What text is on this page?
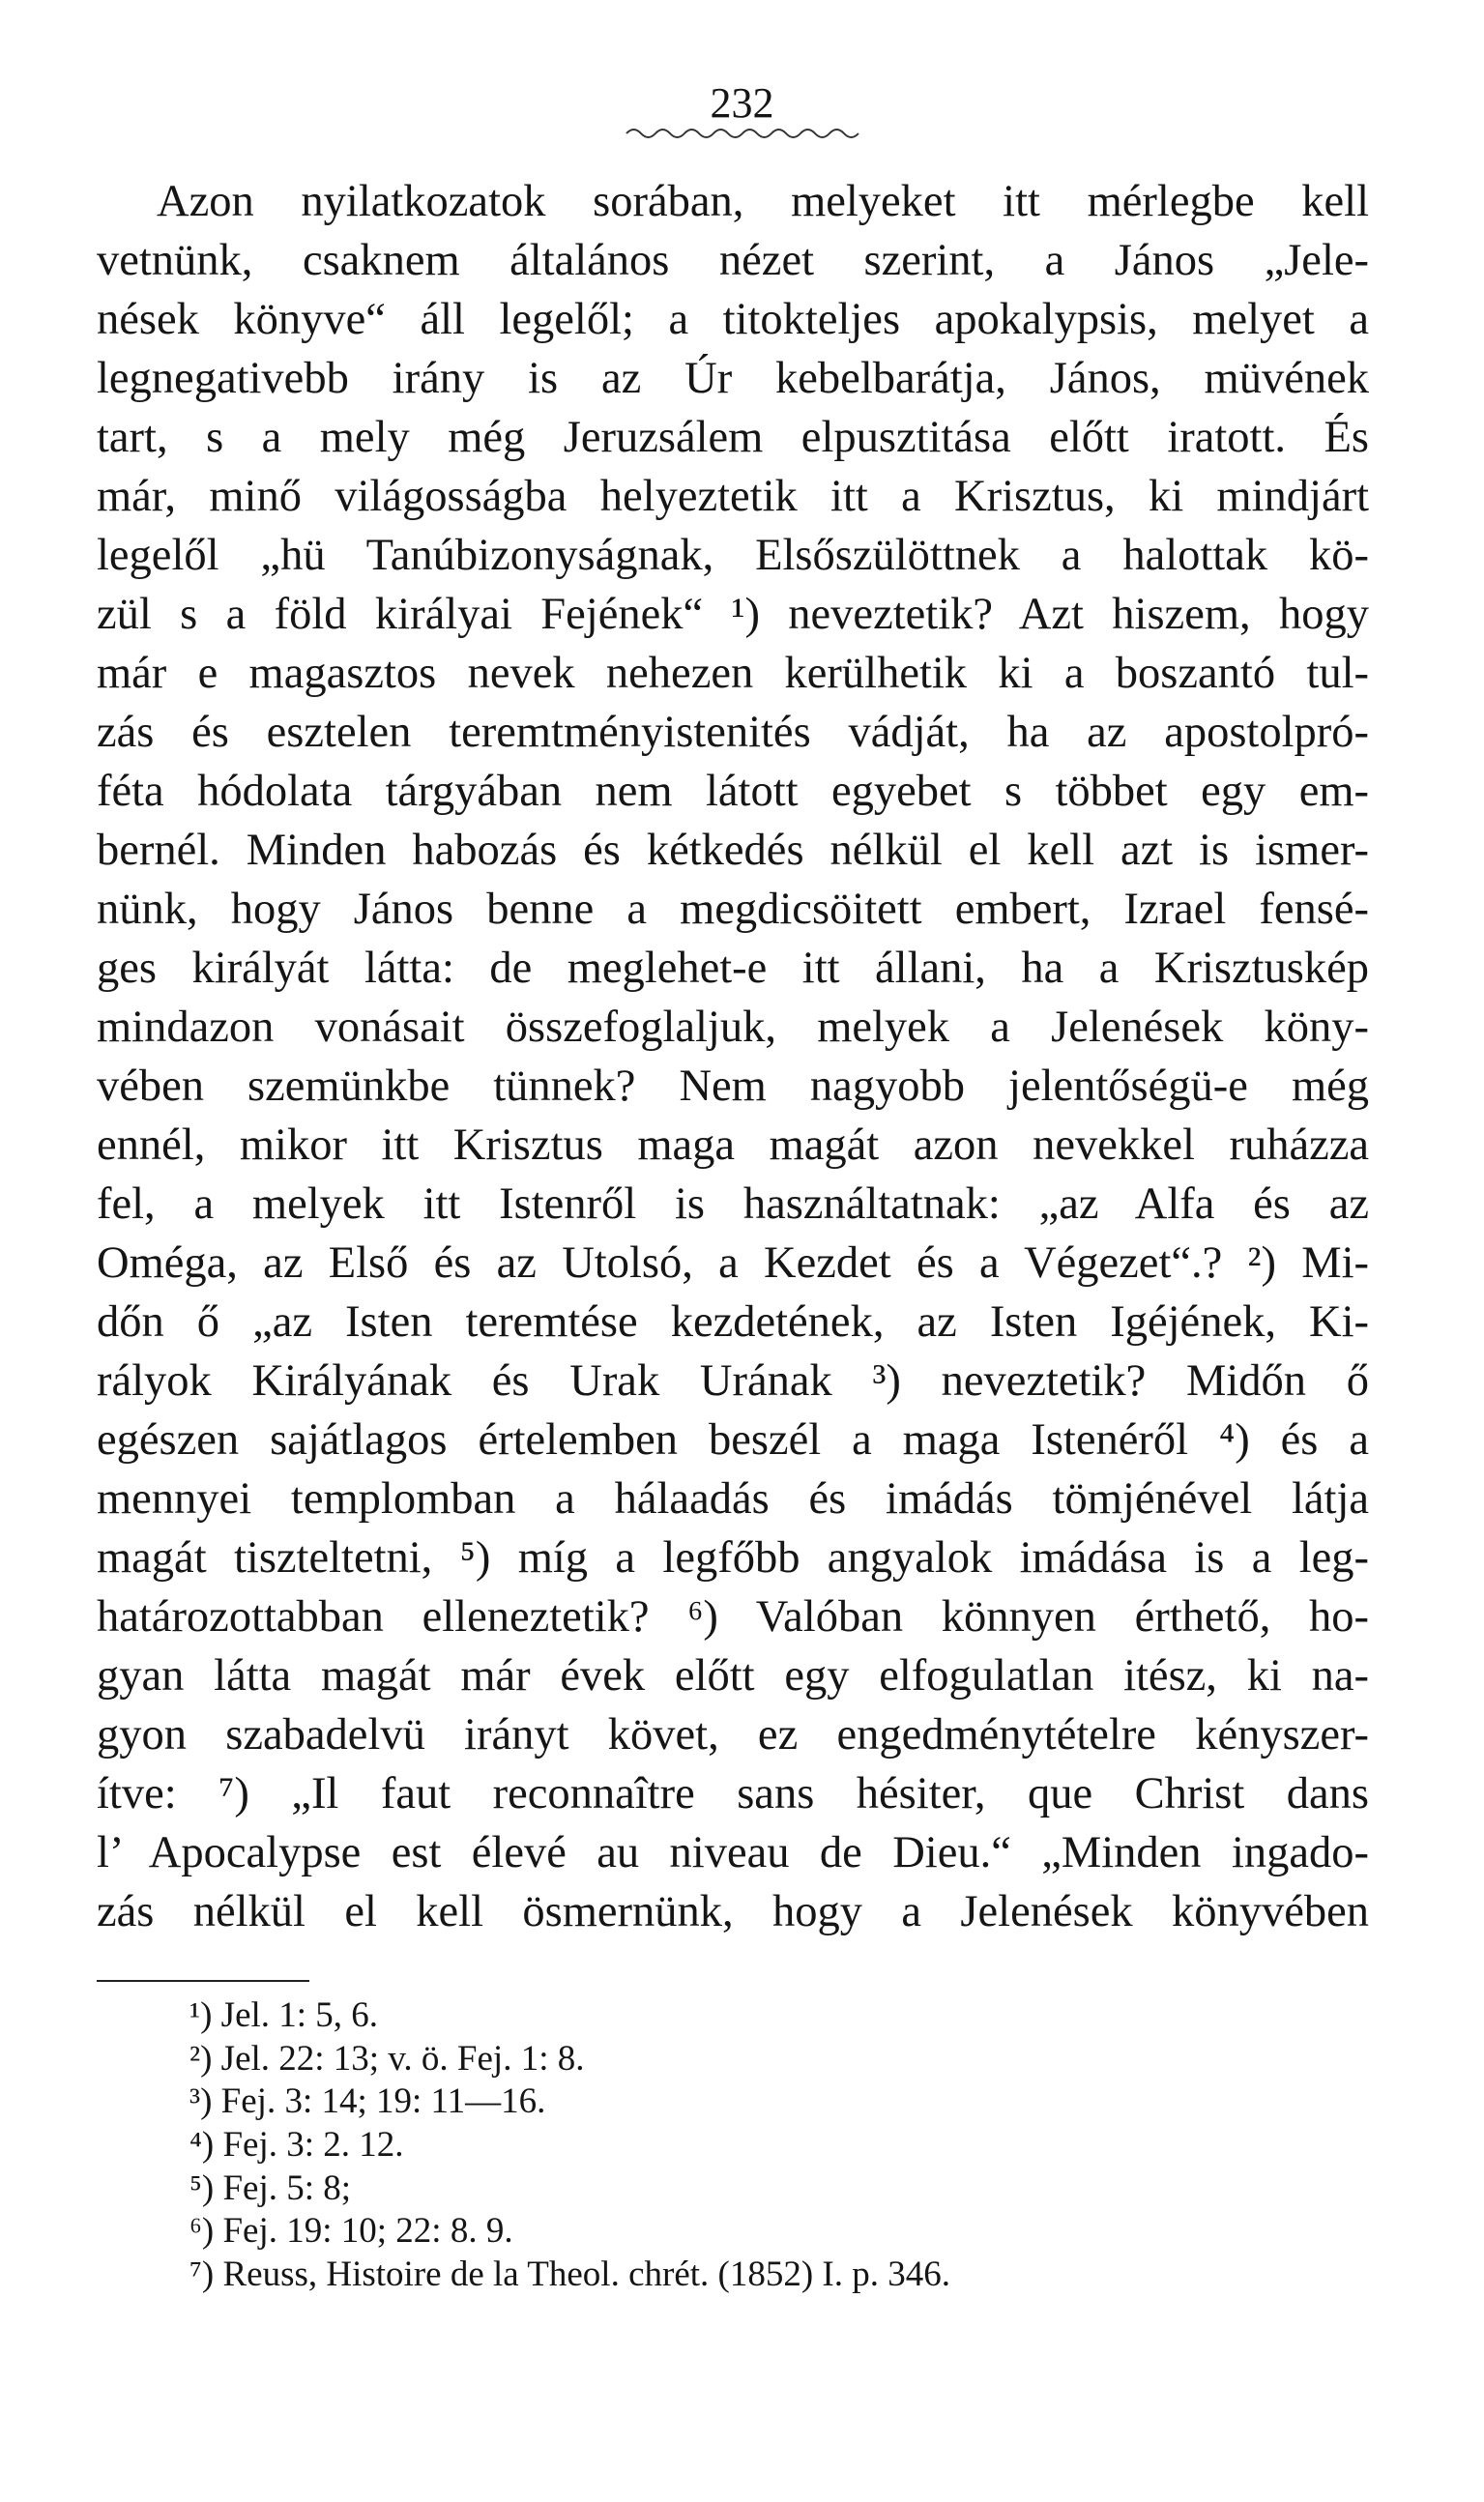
232
Azon nyilatkozatok sorában, melyeket itt mérlegbe kell
vetnünk, csaknem általános nézet szerint, a János „Jele-
nések könyve“ áll legelől; a titokteljes apokalypsis, melyet a
legnegativebb irány is az Úr kebelbarátja, János, müvének
tart, s a mely még Jeruzsálem elpusztitása előtt iratott. És
már, minő világosságba helyeztetik itt a Krisztus, ki mindjárt
legelől „hü Tanúbizonyságnak, Elsőszülöttnek a halottak kö-
zül s a föld királyai Fejének“ ¹) neveztetik? Azt hiszem, hogy
már e magasztos nevek nehezen kerülhetik ki a boszantó tul-
zás és esztelen teremtményistenités vádját, ha az apostolpró-
féta hódolata tárgyában nem látott egyebet s többet egy em-
bernél. Minden habozás és kétkedés nélkül el kell azt is ismer-
nünk, hogy János benne a megdicsöitett embert, Izrael fensé-
ges királyát látta: de meglehet-e itt állani, ha a Krisztuskép
mindazon vonásait összefoglaljuk, melyek a Jelenések köny-
vében szemünkbe tünnek? Nem nagyobb jelentőségü-e még
ennél, mikor itt Krisztus maga magát azon nevekkel ruházza
fel, a melyek itt Istenről is használtatnak: „az Alfa és az
Oméga, az Első és az Utolsó, a Kezdet és a Végezet“.? ²) Mi-
dőn ő „az Isten teremtése kezdetének, az Isten Igéjének, Ki-
rályok Királyának és Urak Urának ³) neveztetik? Midőn ő
egészen sajátlagos értelemben beszél a maga Istenéről ⁴) és a
mennyei templomban a hálaadás és imádás tömjénével látja
magát tiszteltetni, ⁵) míg a legfőbb angyalok imádása is a leg-
határozottabban elleneztetik? ⁶) Valóban könnyen érthető, ho-
gyan látta magát már évek előtt egy elfogulatlan itész, ki na-
gyon szabadelvü irányt követ, ez engedménytételre kényszer-
ítve: ⁷) „Il faut reconnaître sans hésiter, que Christ dans
l’ Apocalypse est élevé au niveau de Dieu.“ „Minden ingado-
zás nélkül el kell ösmernünk, hogy a Jelenések könyvében
¹) Jel. 1: 5, 6.
²) Jel. 22: 13; v. ö. Fej. 1: 8.
³) Fej. 3: 14; 19: 11—16.
⁴) Fej. 3: 2. 12.
⁵) Fej. 5: 8;
⁶) Fej. 19: 10; 22: 8. 9.
⁷) Reuss, Histoire de la Theol. chrét. (1852) I. p. 346.
